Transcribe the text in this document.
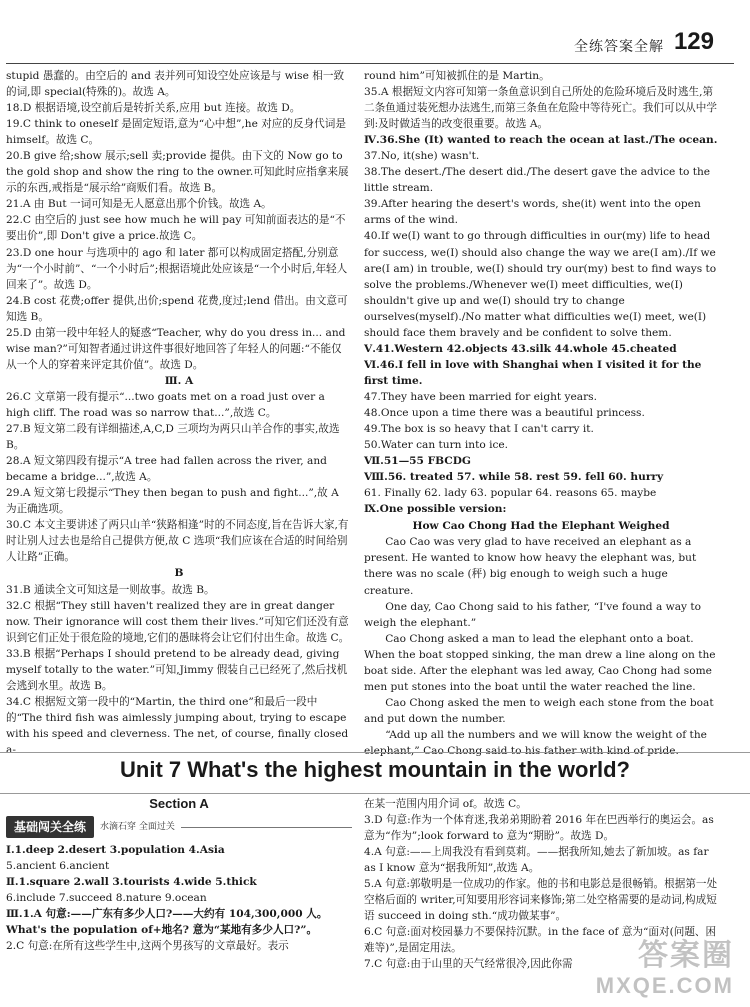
全练答案全解 129

stupid 愚蠢的。由空后的 and 表并列可知设空处应该是与 wise 相一致的词,即 special(特殊的)。故选 A。

18.D 根据语境,设空前后是转折关系,应用 but 连接。故选 D。

19.C think to oneself 是固定短语,意为“心中想”,he 对应的反身代词是 himself。故选 C。

20.B give 给;show 展示;sell 卖;provide 提供。由下文的 Now go to the gold shop and show the ring to the owner.可知此时应指拿来展示的东西,戒指是“展示给”商贩们看。故选 B。

21.A 由 But 一词可知是无人愿意出那个价钱。故选 A。

22.C 由空后的 just see how much he will pay 可知前面表达的是“不要出价”,即 Don't give a price.故选 C。

23.D one hour 与选项中的 ago 和 later 都可以构成固定搭配,分别意为“一个小时前”、“一个小时后”;根据语境此处应该是“一个小时后,年轻人回来了”。故选 D。

24.B cost 花费;offer 提供,出价;spend 花费,度过;lend 借出。由文意可知选 B。

25.D 由第一段中年轻人的疑惑“Teacher, why do you dress in... and wise man?”可知智者通过讲这件事很好地回答了年轻人的问题:“不能仅从一个人的穿着来评定其价值”。故选 D。

Ⅲ. A

26.C 文章第一段有提示“...two goats met on a road just over a high cliff. The road was so narrow that...”,故选 C。

27.B 短文第二段有详细描述,A,C,D 三项均为两只山羊合作的事实,故选 B。

28.A 短文第四段有提示“A tree had fallen across the river, and became a bridge...”,故选 A。

29.A 短文第七段提示“They then began to push and fight...”,故 A 为正确选项。

30.C 本文主要讲述了两只山羊“狭路相逢”时的不同态度,旨在告诉大家,有时让别人过去也是给自己提供方便,故 C 选项“我们应该在合适的时间给别人让路”正确。

B

31.B 通读全文可知这是一则故事。故选 B。

32.C 根据“They still haven't realized they are in great danger now. Their ignorance will cost them their lives.”可知它们还没有意识到它们正处于很危险的境地,它们的愚昧将会让它们付出生命。故选 C。

33.B 根据“Perhaps I should pretend to be already dead, giving myself totally to the water.”可知,Jimmy 假装自己已经死了,然后找机会逃到水里。故选 B。

34.C 根据短文第一段中的“Martin, the third one”和最后一段中的“The third fish was aimlessly jumping about, trying to escape with his speed and cleverness. The net, of course, finally closed a-

round him”可知被抓住的是 Martin。

35.A 根据短文内容可知第一条鱼意识到自己所处的危险环境后及时逃生,第二条鱼通过装死想办法逃生,而第三条鱼在危险中等待死亡。我们可以从中学到:及时做适当的改变很重要。故选 A。

Ⅳ.36.She (It) wanted to reach the ocean at last./The ocean.

37.No, it(she) wasn't.

38.The desert./The desert did./The desert gave the advice to the little stream.

39.After hearing the desert's words, she(it) went into the open arms of the wind.

40.If we(I) want to go through difficulties in our(my) life to head for success, we(I) should also change the way we are(I am)./If we are(I am) in trouble, we(I) should try our(my) best to find ways to solve the problems./Whenever we(I) meet difficulties, we(I) shouldn't give up and we(I) should try to change ourselves(myself)./No matter what difficulties we(I) meet, we(I) should face them bravely and be confident to solve them.

Ⅴ.41.Western 42.objects 43.silk 44.whole 45.cheated

Ⅵ.46.I fell in love with Shanghai when I visited it for the first time.

47.They have been married for eight years.

48.Once upon a time there was a beautiful princess.

49.The box is so heavy that I can't carry it.

50.Water can turn into ice.

Ⅶ.51—55 FBCDG

Ⅷ.56. treated 57. while 58. rest 59. fell 60. hurry

61. Finally 62. lady 63. popular 64. reasons 65. maybe

Ⅸ.One possible version:

How Cao Chong Had the Elephant Weighed

Cao Cao was very glad to have received an elephant as a present. He wanted to know how heavy the elephant was, but there was no scale (秤) big enough to weigh such a huge creature.

One day, Cao Chong said to his father, “I've found a way to weigh the elephant.”

Cao Chong asked a man to lead the elephant onto a boat. When the boat stopped sinking, the man drew a line along on the boat side. After the elephant was led away, Cao Chong had some men put stones into the boat until the water reached the line.

Cao Chong asked the men to weigh each stone from the boat and put down the number.

“Add up all the numbers and we will know the weight of the elephant,” Cao Chong said to his father with kind of pride.

Unit 7 What's the highest mountain in the world?

Section A

基础闯关全练	水滴石穿 全面过关

Ⅰ.1.deep 2.desert 3.population 4.Asia

5.ancient 6.ancient

Ⅱ.1.square 2.wall 3.tourists 4.wide 5.thick

6.include 7.succeed 8.nature 9.ocean

Ⅲ.1.A 句意:——广东有多少人口?——大约有 104,300,000 人。What's the population of+地名? 意为“某地有多少人口?”。

2.C 句意:在所有这些学生中,这两个男孩写的文章最好。表示

在某一范围内用介词 of。故选 C。

3.D 句意:作为一个体育迷,我弟弟期盼着 2016 年在巴西举行的奥运会。as 意为“作为”;look forward to 意为“期盼”。故选 D。

4.A 句意:——上周我没有看到莫莉。——据我所知,她去了新加坡。as far as I know 意为“据我所知”,故选 A。

5.A 句意:郭敬明是一位成功的作家。他的书和电影总是很畅销。根据第一处空格后面的 writer,可知要用形容词来修饰;第二处空格需要的是动词,构成短语 succeed in doing sth.“成功做某事”。

6.C 句意:面对校园暴力不要保持沉默。in the face of 意为“面对(问题、困难等)”,是固定用法。

7.C 句意:由于山里的天气经常很冷,因此你需	答案圈
MXQE.COM
